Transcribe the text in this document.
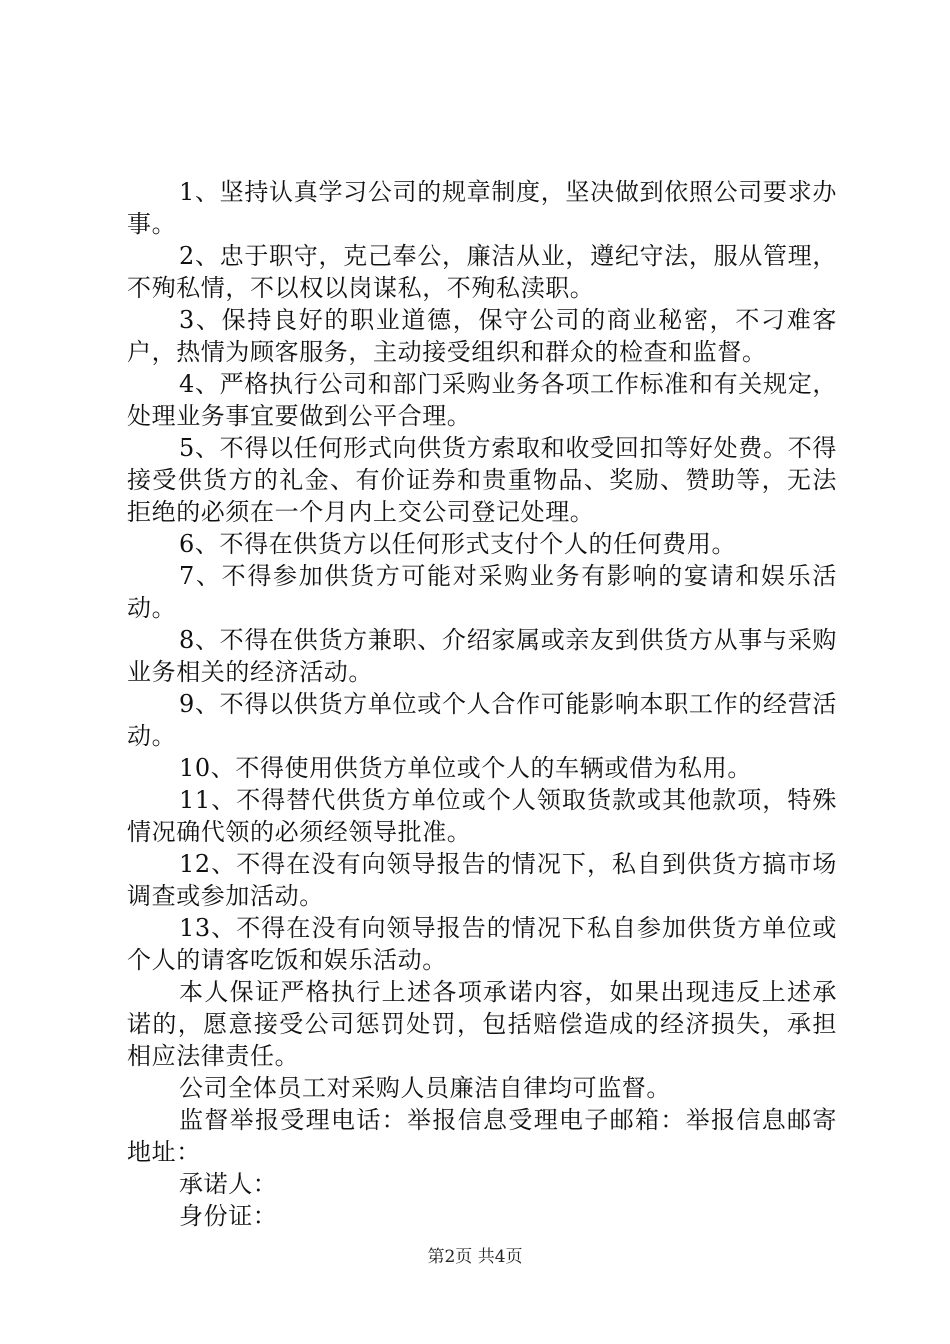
1、坚持认真学习公司的规章制度，坚决做到依照公司要求办事。

2、忠于职守，克己奉公，廉洁从业，遵纪守法，服从管理，不殉私情，不以权以岗谋私，不殉私渎职。

3、保持良好的职业道德，保守公司的商业秘密，不刁难客户，热情为顾客服务，主动接受组织和群众的检查和监督。

4、严格执行公司和部门采购业务各项工作标准和有关规定，处理业务事宜要做到公平合理。

5、不得以任何形式向供货方索取和收受回扣等好处费。不得接受供货方的礼金、有价证券和贵重物品、奖励、赞助等，无法拒绝的必须在一个月内上交公司登记处理。

6、不得在供货方以任何形式支付个人的任何费用。

7、不得参加供货方可能对采购业务有影响的宴请和娱乐活动。

8、不得在供货方兼职、介绍家属或亲友到供货方从事与采购业务相关的经济活动。

9、不得以供货方单位或个人合作可能影响本职工作的经营活动。

10、不得使用供货方单位或个人的车辆或借为私用。

11、不得替代供货方单位或个人领取货款或其他款项，特殊情况确代领的必须经领导批准。

12、不得在没有向领导报告的情况下，私自到供货方搞市场调查或参加活动。

13、不得在没有向领导报告的情况下私自参加供货方单位或个人的请客吃饭和娱乐活动。

本人保证严格执行上述各项承诺内容，如果出现违反上述承诺的，愿意接受公司惩罚处罚，包括赔偿造成的经济损失，承担相应法律责任。

公司全体员工对采购人员廉洁自律均可监督。

监督举报受理电话：举报信息受理电子邮箱：举报信息邮寄地址：

承诺人：

身份证：

第2页 共4页
